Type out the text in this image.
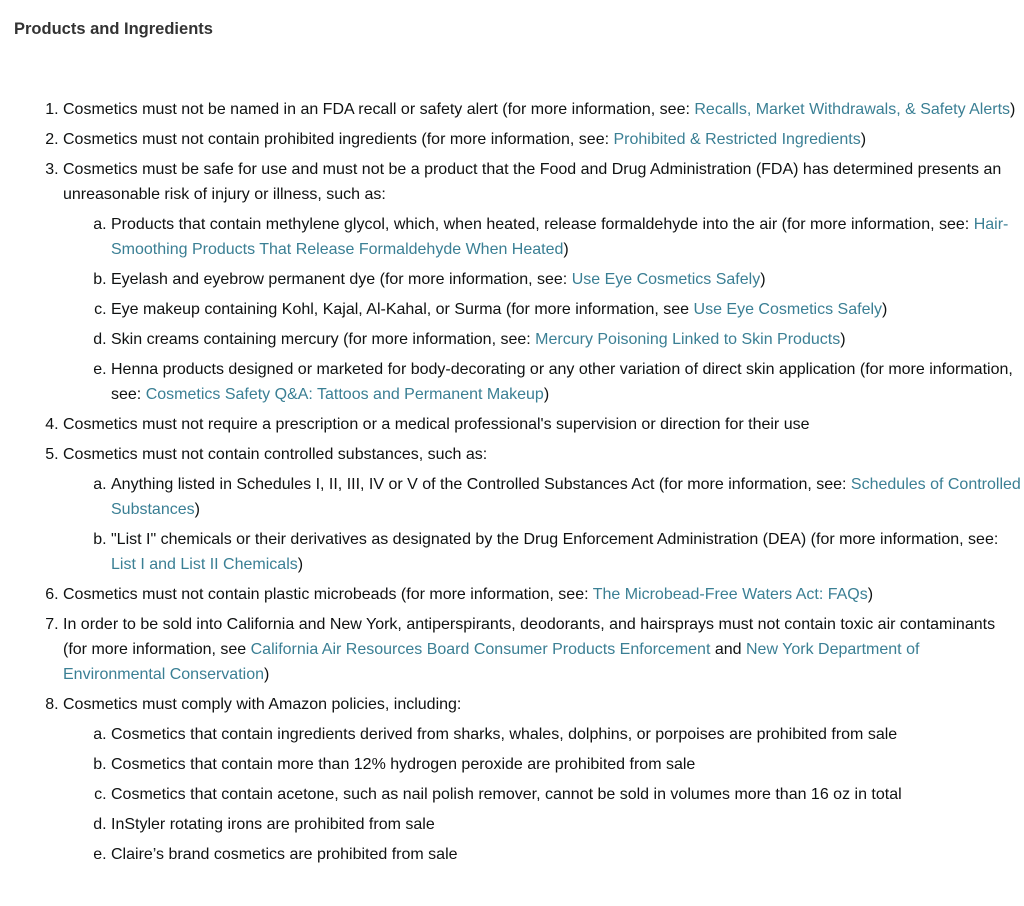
Products and Ingredients
1. Cosmetics must not be named in an FDA recall or safety alert (for more information, see: Recalls, Market Withdrawals, & Safety Alerts)
2. Cosmetics must not contain prohibited ingredients (for more information, see: Prohibited & Restricted Ingredients)
3. Cosmetics must be safe for use and must not be a product that the Food and Drug Administration (FDA) has determined presents an unreasonable risk of injury or illness, such as:
a. Products that contain methylene glycol, which, when heated, release formaldehyde into the air (for more information, see: Hair-Smoothing Products That Release Formaldehyde When Heated)
b. Eyelash and eyebrow permanent dye (for more information, see: Use Eye Cosmetics Safely)
c. Eye makeup containing Kohl, Kajal, Al-Kahal, or Surma (for more information, see Use Eye Cosmetics Safely)
d. Skin creams containing mercury (for more information, see: Mercury Poisoning Linked to Skin Products)
e. Henna products designed or marketed for body-decorating or any other variation of direct skin application (for more information, see: Cosmetics Safety Q&A: Tattoos and Permanent Makeup)
4. Cosmetics must not require a prescription or a medical professional's supervision or direction for their use
5. Cosmetics must not contain controlled substances, such as:
a. Anything listed in Schedules I, II, III, IV or V of the Controlled Substances Act (for more information, see: Schedules of Controlled Substances)
b. "List I" chemicals or their derivatives as designated by the Drug Enforcement Administration (DEA) (for more information, see: List I and List II Chemicals)
6. Cosmetics must not contain plastic microbeads (for more information, see: The Microbead-Free Waters Act: FAQs)
7. In order to be sold into California and New York, antiperspirants, deodorants, and hairsprays must not contain toxic air contaminants (for more information, see California Air Resources Board Consumer Products Enforcement and New York Department of Environmental Conservation)
8. Cosmetics must comply with Amazon policies, including:
a. Cosmetics that contain ingredients derived from sharks, whales, dolphins, or porpoises are prohibited from sale
b. Cosmetics that contain more than 12% hydrogen peroxide are prohibited from sale
c. Cosmetics that contain acetone, such as nail polish remover, cannot be sold in volumes more than 16 oz in total
d. InStyler rotating irons are prohibited from sale
e. Claire’s brand cosmetics are prohibited from sale
